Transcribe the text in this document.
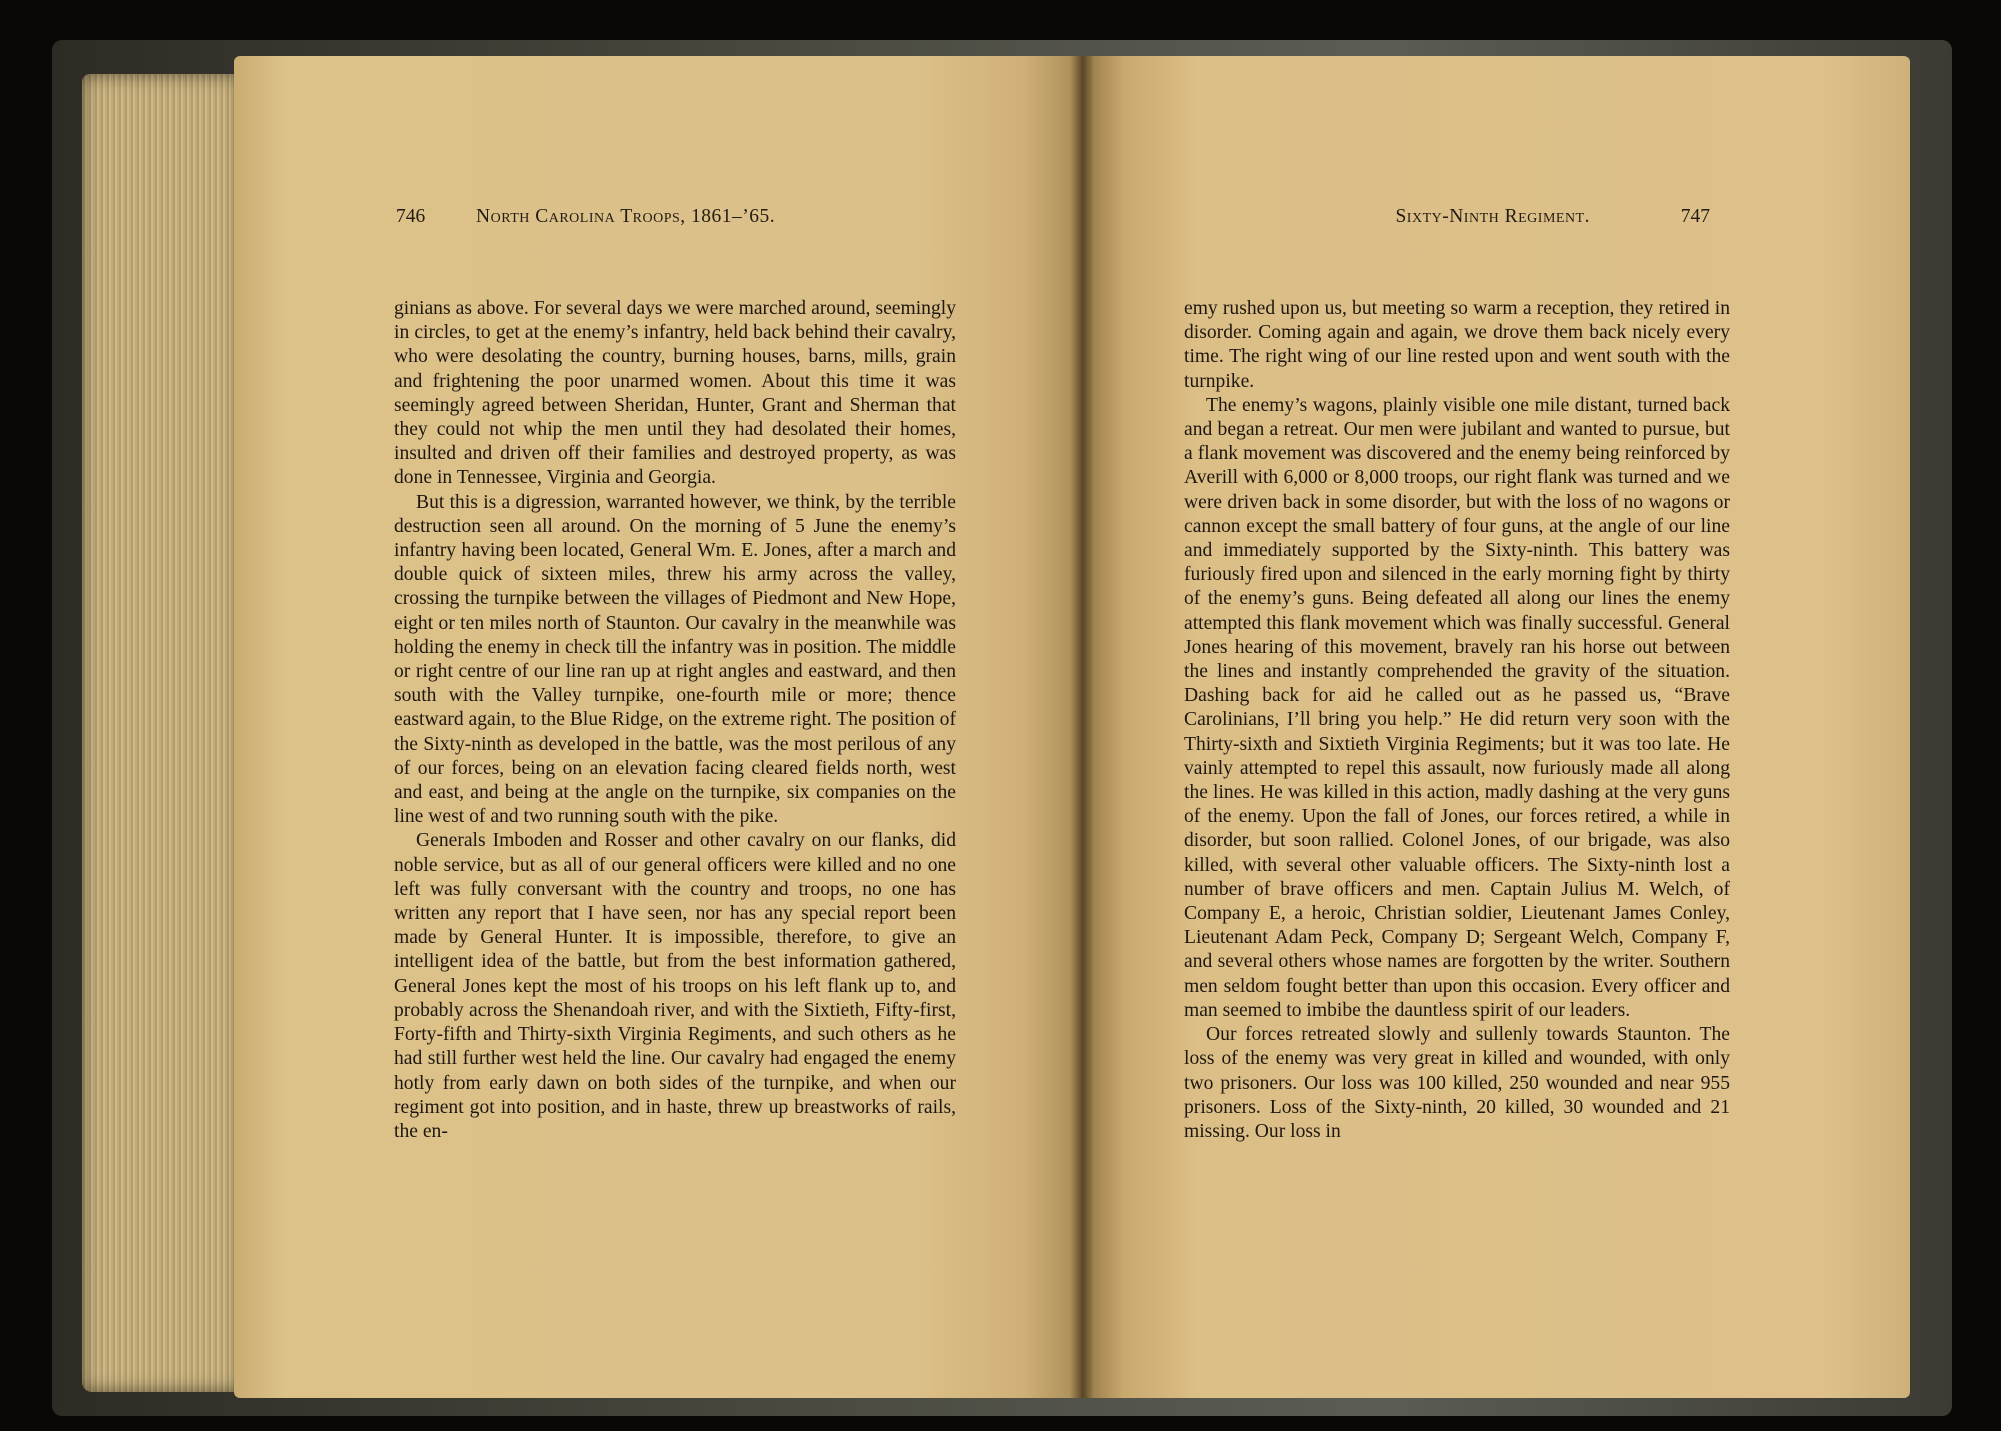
746	North Carolina Troops, 1861–’65.

ginians as above. For several days we were marched around, seemingly in circles, to get at the enemy’s infantry, held back behind their cavalry, who were desolating the country, burning houses, barns, mills, grain and frightening the poor unarmed women. About this time it was seemingly agreed between Sheridan, Hunter, Grant and Sherman that they could not whip the men until they had desolated their homes, insulted and driven off their families and destroyed property, as was done in Tennessee, Virginia and Georgia.

But this is a digression, warranted however, we think, by the terrible destruction seen all around. On the morning of 5 June the enemy’s infantry having been located, General Wm. E. Jones, after a march and double quick of sixteen miles, threw his army across the valley, crossing the turnpike between the villages of Piedmont and New Hope, eight or ten miles north of Staunton. Our cavalry in the meanwhile was holding the enemy in check till the infantry was in position. The middle or right centre of our line ran up at right angles and eastward, and then south with the Valley turnpike, one-fourth mile or more; thence eastward again, to the Blue Ridge, on the extreme right. The position of the Sixty-ninth as developed in the battle, was the most perilous of any of our forces, being on an elevation facing cleared fields north, west and east, and being at the angle on the turnpike, six companies on the line west of and two running south with the pike.

Generals Imboden and Rosser and other cavalry on our flanks, did noble service, but as all of our general officers were killed and no one left was fully conversant with the country and troops, no one has written any report that I have seen, nor has any special report been made by General Hunter. It is impossible, therefore, to give an intelligent idea of the battle, but from the best information gathered, General Jones kept the most of his troops on his left flank up to, and probably across the Shenandoah river, and with the Sixtieth, Fifty-first, Forty-fifth and Thirty-sixth Virginia Regiments, and such others as he had still further west held the line. Our cavalry had engaged the enemy hotly from early dawn on both sides of the turnpike, and when our regiment got into position, and in haste, threw up breastworks of rails, the en-

Sixty-Ninth Regiment.	747

emy rushed upon us, but meeting so warm a reception, they retired in disorder. Coming again and again, we drove them back nicely every time. The right wing of our line rested upon and went south with the turnpike.

The enemy’s wagons, plainly visible one mile distant, turned back and began a retreat. Our men were jubilant and wanted to pursue, but a flank movement was discovered and the enemy being reinforced by Averill with 6,000 or 8,000 troops, our right flank was turned and we were driven back in some disorder, but with the loss of no wagons or cannon except the small battery of four guns, at the angle of our line and immediately supported by the Sixty-ninth. This battery was furiously fired upon and silenced in the early morning fight by thirty of the enemy’s guns. Being defeated all along our lines the enemy attempted this flank movement which was finally successful. General Jones hearing of this movement, bravely ran his horse out between the lines and instantly comprehended the gravity of the situation. Dashing back for aid he called out as he passed us, “Brave Carolinians, I’ll bring you help.” He did return very soon with the Thirty-sixth and Sixtieth Virginia Regiments; but it was too late. He vainly attempted to repel this assault, now furiously made all along the lines. He was killed in this action, madly dashing at the very guns of the enemy. Upon the fall of Jones, our forces retired, a while in disorder, but soon rallied. Colonel Jones, of our brigade, was also killed, with several other valuable officers. The Sixty-ninth lost a number of brave officers and men. Captain Julius M. Welch, of Company E, a heroic, Christian soldier, Lieutenant James Conley, Lieutenant Adam Peck, Company D; Sergeant Welch, Company F, and several others whose names are forgotten by the writer. Southern men seldom fought better than upon this occasion. Every officer and man seemed to imbibe the dauntless spirit of our leaders.

Our forces retreated slowly and sullenly towards Staunton. The loss of the enemy was very great in killed and wounded, with only two prisoners. Our loss was 100 killed, 250 wounded and near 955 prisoners. Loss of the Sixty-ninth, 20 killed, 30 wounded and 21 missing. Our loss in
